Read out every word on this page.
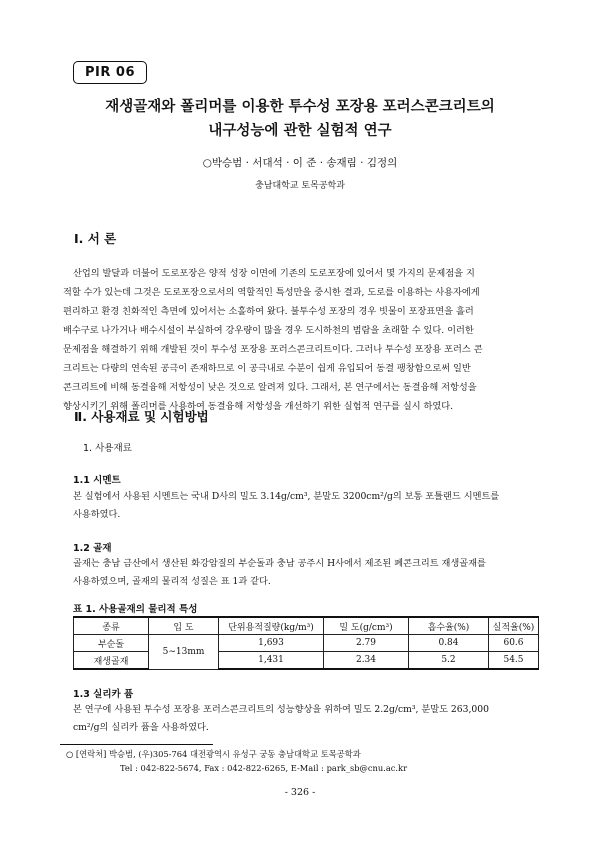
PIR 06
재생골재와 폴리머를 이용한 투수성 포장용 포러스콘크리트의
내구성능에 관한 실험적 연구
○박승범 · 서대석 · 이 준 · 송재림 · 김정의
충남대학교 토목공학과
Ⅰ. 서 론
산업의 발달과 더불어 도로포장은 양적 성장 이면에 기존의 도로포장에 있어서 몇 가지의 문제점을 지
적할 수가 있는데 그것은 도로포장으로서의 역할적인 특성만을 중시한 결과, 도로를 이용하는 사용자에게
편리하고 환경 친화적인 측면에 있어서는 소홀하여 왔다. 불투수성 포장의 경우 빗물이 포장표면을 흘러
배수구로 나가거나 배수시설이 부실하여 강우량이 많을 경우 도시하천의 범람을 초래할 수 있다. 이러한
문제점을 해결하기 위해 개발된 것이 투수성 포장용 포러스콘크리트이다. 그러나 투수성 포장용 포러스 콘
크리트는 다량의 연속된 공극이 존재하므로 이 공극내로 수분이 쉽게 유입되어 동결 팽창함으로써 일반
콘크리트에 비해 동결융해 저항성이 낮은 것으로 알려져 있다. 그래서, 본 연구에서는 동결융해 저항성을
향상시키기 위해 폴리머를 사용하여 동결융해 저항성을 개선하기 위한 실험적 연구를 실시 하였다.
Ⅱ. 사용재료 및 시험방법
1. 사용재료
1.1 시멘트
본 실험에서 사용된 시멘트는 국내 D사의 밀도 3.14g/cm³, 분말도 3200cm²/g의 보통 포틀랜드 시멘트를
사용하였다.
1.2 골재
골재는 충남 금산에서 생산된 화강암질의 부순돌과 충남 공주시 H사에서 제조된 폐콘크리트 재생골재를
사용하였으며, 골재의 물리적 성질은 표 1과 같다.
표 1. 사용골재의 물리적 특성
종류	입 도	단위용적질량(kg/m³)	밀 도(g/cm³)	흡수율(%)	실적율(%)
부순돌	5∼13mm	1,693	2.79	0.84	60.6
재생골재		1,431	2.34	5.2	54.5
1.3 실리카 퓸
본 연구에 사용된 투수성 포장용 포러스콘크리트의 성능향상을 위하여 밀도 2.2g/cm³, 분말도 263,000
cm²/g의 실리카 퓸을 사용하였다.
○ [연락처] 박승범, (우)305-764 대전광역시 유성구 궁동 충남대학교 토목공학과
Tel : 042-822-5674, Fax : 042-822-6265, E-Mail : park_sb@cnu.ac.kr
- 326 -
